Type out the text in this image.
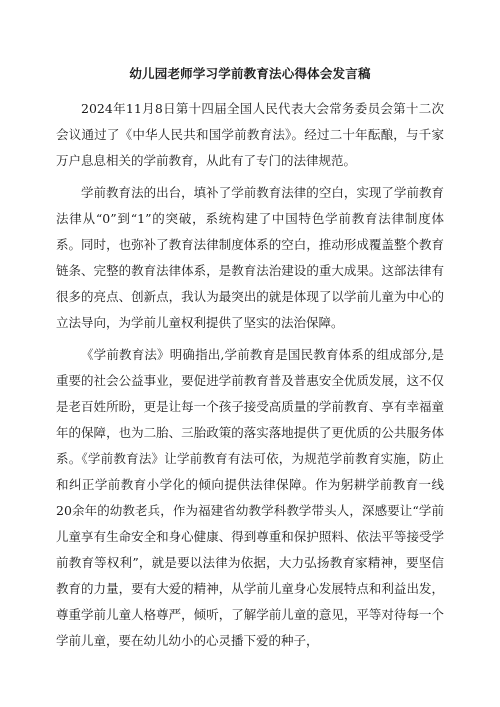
幼儿园老师学习学前教育法心得体会发言稿

2024年11月8日第十四届全国人民代表大会常务委员会第十二次会议通过了《中华人民共和国学前教育法》。经过二十年酝酿，与千家万户息息相关的学前教育，从此有了专门的法律规范。

学前教育法的出台，填补了学前教育法律的空白，实现了学前教育法律从“0”到“1”的突破，系统构建了中国特色学前教育法律制度体系。同时，也弥补了教育法律制度体系的空白，推动形成覆盖整个教育链条、完整的教育法律体系，是教育法治建设的重大成果。这部法律有很多的亮点、创新点，我认为最突出的就是体现了以学前儿童为中心的立法导向，为学前儿童权利提供了坚实的法治保障。

《学前教育法》明确指出,学前教育是国民教育体系的组成部分,是重要的社会公益事业，要促进学前教育普及普惠安全优质发展，这不仅是老百姓所盼，更是让每一个孩子接受高质量的学前教育、享有幸福童年的保障，也为二胎、三胎政策的落实落地提供了更优质的公共服务体系。《学前教育法》让学前教育有法可依，为规范学前教育实施，防止和纠正学前教育小学化的倾向提供法律保障。作为躬耕学前教育一线20余年的幼教老兵，作为福建省幼教学科教学带头人，深感要让“学前儿童享有生命安全和身心健康、得到尊重和保护照料、依法平等接受学前教育等权利”，就是要以法律为依据，大力弘扬教育家精神，要坚信教育的力量，要有大爱的精神，从学前儿童身心发展特点和利益出发，尊重学前儿童人格尊严，倾听，了解学前儿童的意见，平等对待每一个学前儿童，要在幼儿幼小的心灵播下爱的种子，
